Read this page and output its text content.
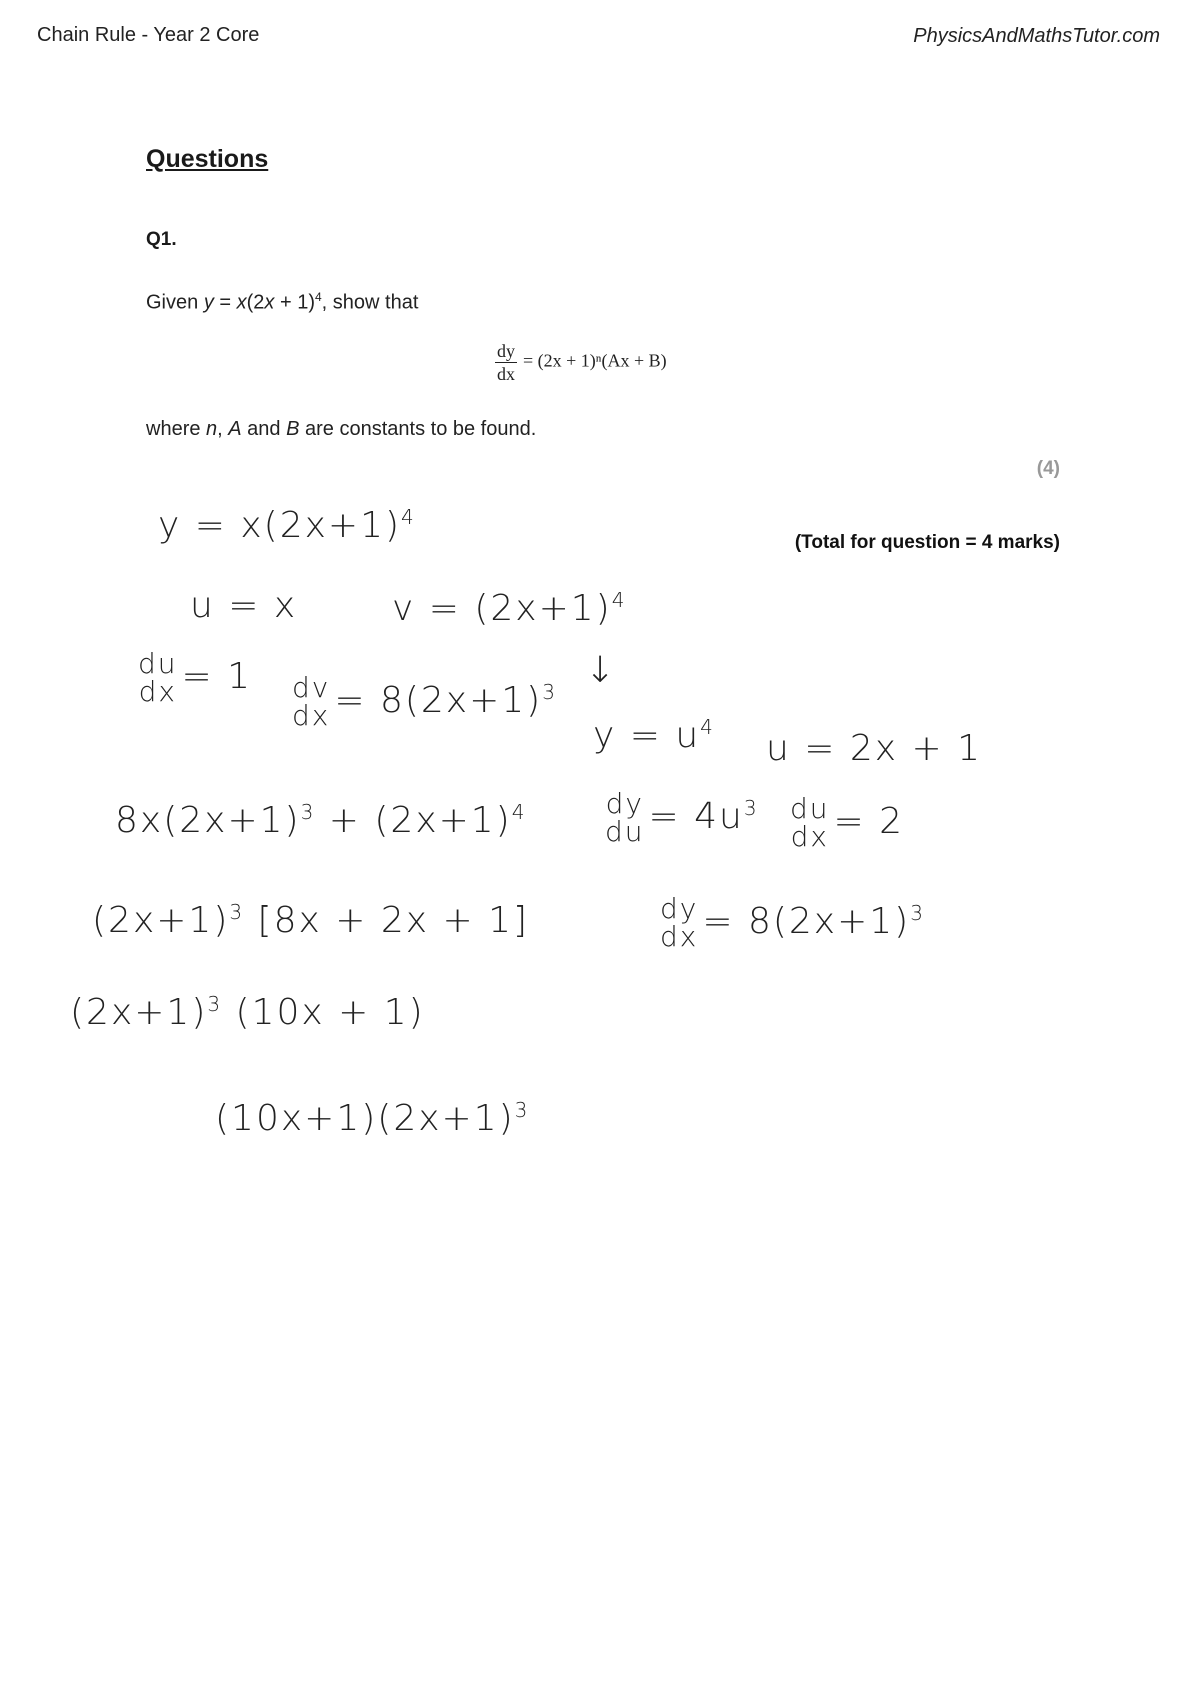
Chain Rule - Year 2 Core	PhysicsAndMathsTutor.com
Questions
Q1.
Given $y = x(2x + 1)^4$, show that
$\frac{dy}{dx} = (2x + 1)^n(Ax + B)$
where n, A and B are constants to be found.
(4)
(Total for question = 4 marks)
$y = x(2x+1)^4$
u = x	$v = (2x+1)^4$
du
dx = 1 dv
dx = $8(2x+1)^3$
↓
$y = u^4$
u = 2x + 1
$8x(2x+1)^3 + (2x+1)^4$	dy
du = $4u^3$ du
dx = 2
$(2x+1)^3$ [8x + 2x + 1]	dy
dx = $8(2x+1)^3$
$(2x+1)^3$ (10x + 1)
$(10x+1)(2x+1)^3$
